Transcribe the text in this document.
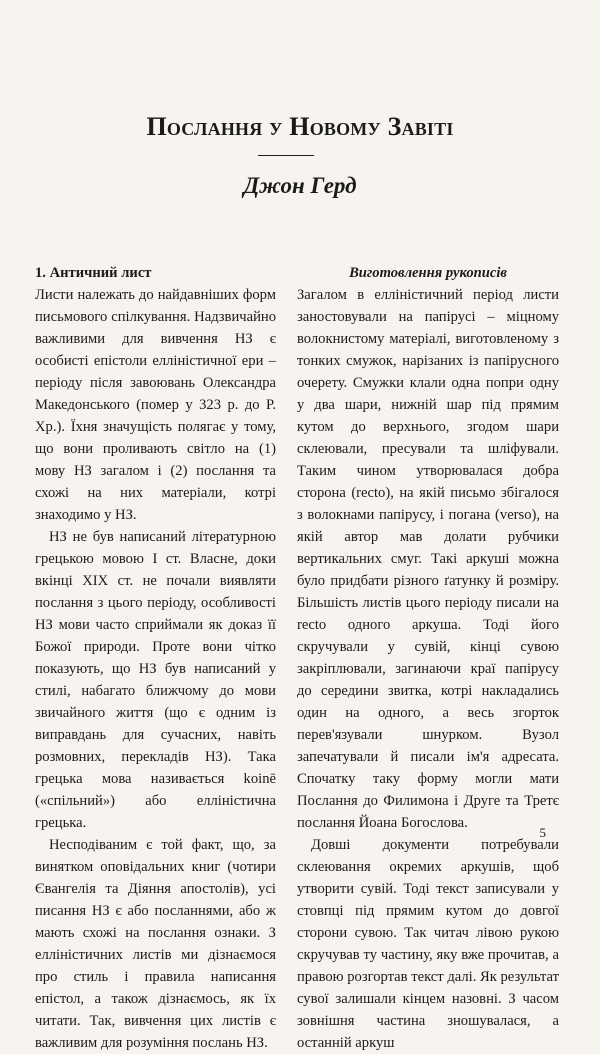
Послання у Новому Завіті
Джон Герд

1. Античний лист

Листи належать до найдавніших форм письмового спілкування. Надзвичайно важливими для вивчення НЗ є особисті епістоли елліністичної ери – періоду після завоювань Олександра Македонського (помер у 323 р. до Р. Хр.). Їхня значущість полягає у тому, що вони проливають світло на (1) мову НЗ загалом і (2) послання та схожі на них матеріали, котрі знаходимо у НЗ.

НЗ не був написаний літературною грецькою мовою І ст. Власне, доки вкінці XIX ст. не почали виявляти послання з цього періоду, особливості НЗ мови часто сприймали як доказ її Божої природи. Проте вони чітко показують, що НЗ був написаний у стилі, набагато ближчому до мови звичайного життя (що є одним із виправдань для сучасних, навіть розмовних, перекладів НЗ). Така грецька мова називається koinē («спільний») або елліністична грецька.

Несподіваним є той факт, що, за винятком оповідальних книг (чотири Євангелія та Діяння апостолів), усі писання НЗ є або посланнями, або ж мають схожі на послання ознаки. З елліністичних листів ми дізнаємося про стиль і правила написання епістол, а також дізнаємось, як їх читати. Так, вивчення цих листів є важливим для розуміння послань НЗ.

Виготовлення рукописів

Загалом в елліністичний період листи заностовували на папірусі – міцному волокнистому матеріалі, виготовленому з тонких смужок, нарізаних із папірусного очерету. Смужки клали одна попри одну у два шари, нижній шар під прямим кутом до верхнього, згодом шари склеювали, пресували та шліфували. Таким чином утворювалася добра сторона (recto), на якій письмо збігалося з волокнами папірусу, і погана (verso), на якій автор мав долати рубчики вертикальних смуг. Такі аркуші можна було придбати різного ґатунку й розміру. Більшість листів цього періоду писали на recto одного аркуша. Тоді його скручували у сувій, кінці сувою закріплювали, загинаючи краї папірусу до середини звитка, котрі накладались один на одного, а весь згорток перев'язували шнурком. Вузол запечатували й писали ім'я адресата. Спочатку таку форму могли мати Послання до Филимона і Друге та Третє послання Йоана Богослова.

Довші документи потребували склеювання окремих аркушів, щоб утворити сувій. Тоді текст записували у стовпці під прямим кутом до довгої сторони сувою. Так читач лівою рукою скручував ту частину, яку вже прочитав, а правою розгортав текст далі. Як результат сувої залишали кінцем назовні. З часом зовнішня частина зношувалася, а останній аркуш

5
